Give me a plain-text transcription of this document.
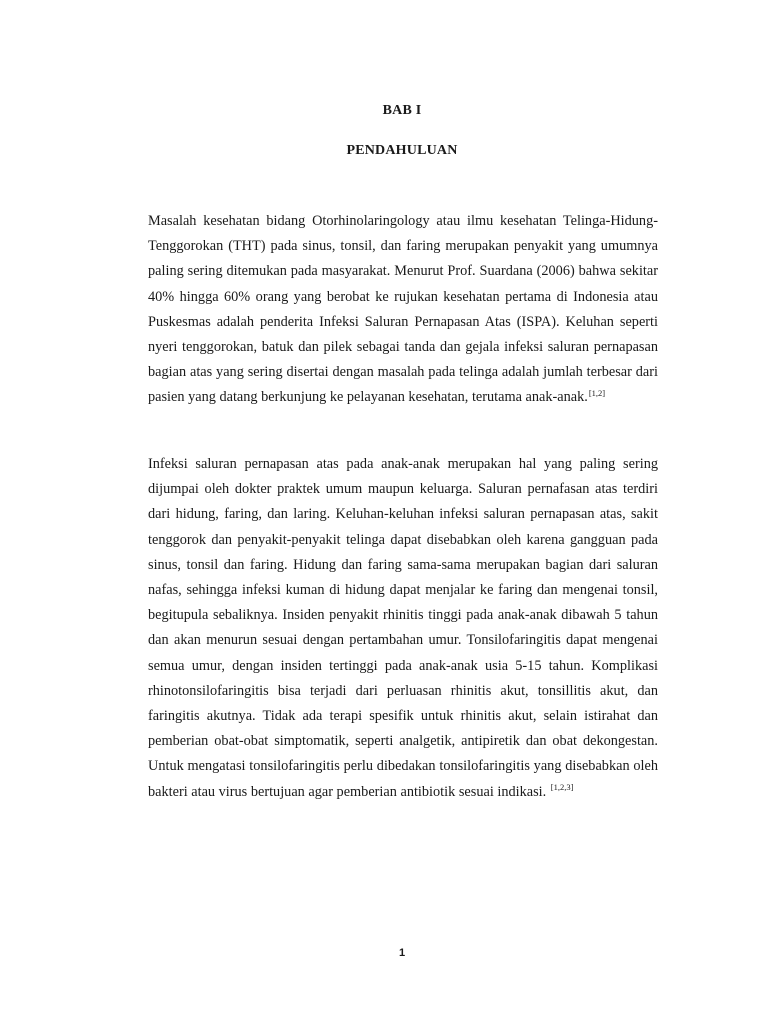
BAB I

PENDAHULUAN

Masalah kesehatan bidang Otorhinolaringology atau ilmu kesehatan Telinga-Hidung-Tenggorokan (THT) pada sinus, tonsil, dan faring merupakan penyakit yang umumnya paling sering ditemukan pada masyarakat. Menurut Prof. Suardana (2006) bahwa sekitar 40% hingga 60% orang yang berobat ke rujukan kesehatan pertama di Indonesia atau Puskesmas adalah penderita Infeksi Saluran Pernapasan Atas (ISPA). Keluhan seperti nyeri tenggorokan, batuk dan pilek sebagai tanda dan gejala infeksi saluran pernapasan bagian atas yang sering disertai dengan masalah pada telinga adalah jumlah terbesar dari pasien yang datang berkunjung ke pelayanan kesehatan, terutama anak-anak.[1,2]

Infeksi saluran pernapasan atas pada anak-anak merupakan hal yang paling sering dijumpai oleh dokter praktek umum maupun keluarga. Saluran pernafasan atas terdiri dari hidung, faring, dan laring. Keluhan-keluhan infeksi saluran pernapasan atas, sakit tenggorok dan penyakit-penyakit telinga dapat disebabkan oleh karena gangguan pada sinus, tonsil dan faring. Hidung dan faring sama-sama merupakan bagian dari saluran nafas, sehingga infeksi kuman di hidung dapat menjalar ke faring dan mengenai tonsil, begitupula sebaliknya. Insiden penyakit rhinitis tinggi pada anak-anak dibawah 5 tahun dan akan menurun sesuai dengan pertambahan umur. Tonsilofaringitis dapat mengenai semua umur, dengan insiden tertinggi pada anak-anak usia 5-15 tahun. Komplikasi rhinotonsilofaringitis bisa terjadi dari perluasan rhinitis akut, tonsillitis akut, dan faringitis akutnya. Tidak ada terapi spesifik untuk rhinitis akut, selain istirahat dan pemberian obat-obat simptomatik, seperti analgetik, antipiretik dan obat dekongestan. Untuk mengatasi tonsilofaringitis perlu dibedakan tonsilofaringitis yang disebabkan oleh bakteri atau virus bertujuan agar pemberian antibiotik sesuai indikasi. [1,2,3]

1
